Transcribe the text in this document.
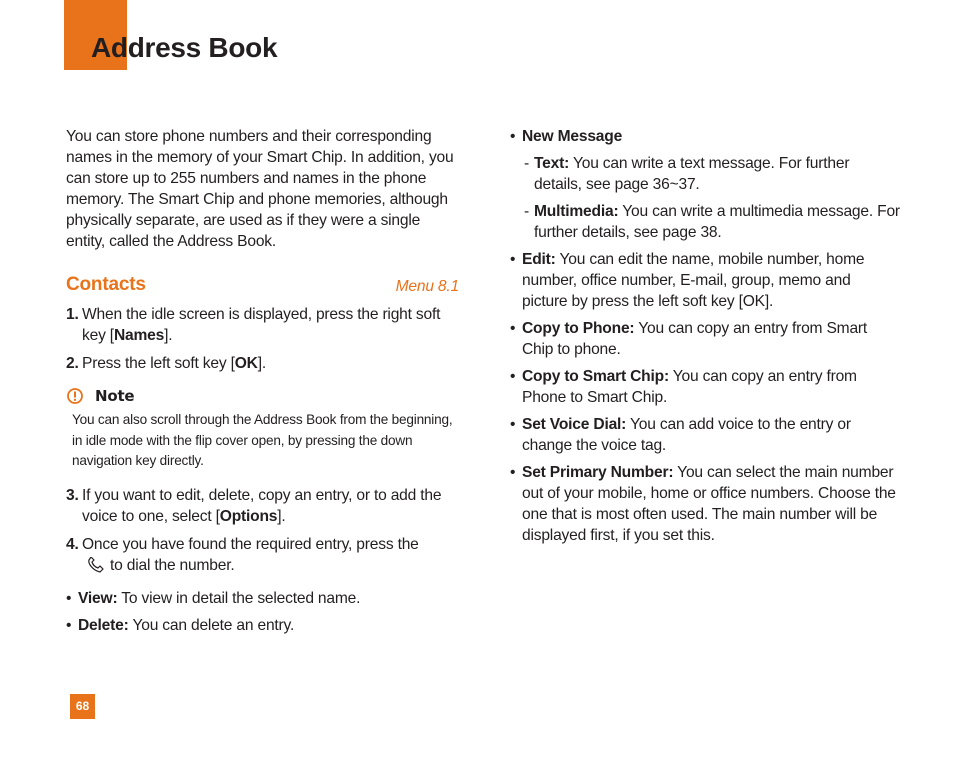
Address Book

You can store phone numbers and their corresponding names in the memory of your Smart Chip. In addition, you can store up to 255 numbers and names in the phone memory. The Smart Chip and phone memories, although physically separate, are used as if they were a single entity, called the Address Book.

Contacts	Menu 8.1
1. When the idle screen is displayed, press the right soft key [Names].
2. Press the left soft key [OK].
Note

You can also scroll through the Address Book from the beginning, in idle mode with the flip cover open, by pressing the down navigation key directly.

3. If you want to edit, delete, copy an entry, or to add the voice to one, select [Options].
4. Once you have found the required entry, press the
to dial the number.
• View: To view in detail the selected name.
• Delete: You can delete an entry.
• New Message
- Text: You can write a text message. For further details, see page 36~37.
- Multimedia: You can write a multimedia message. For further details, see page 38.
• Edit: You can edit the name, mobile number, home number, office number, E-mail, group, memo and picture by press the left soft key [OK].
• Copy to Phone: You can copy an entry from Smart Chip to phone.
• Copy to Smart Chip: You can copy an entry from Phone to Smart Chip.
• Set Voice Dial: You can add voice to the entry or change the voice tag.
• Set Primary Number: You can select the main number out of your mobile, home or office numbers. Choose the one that is most often used. The main number will be displayed first, if you set this.
68
